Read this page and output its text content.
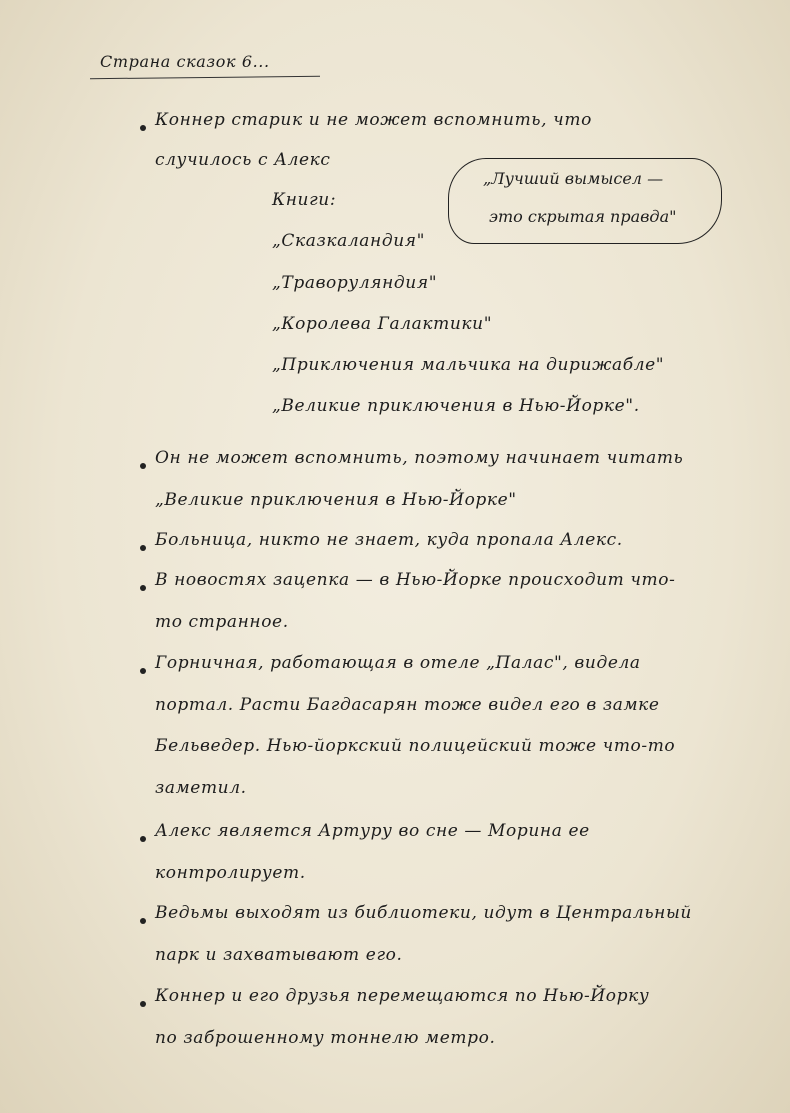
Страна сказок 6...
„Лучший вымысел —
это скрытая правда"
Коннер старик и не может вспомнить, что
случилось с Алекс
Книги:
„Сказкаландия"
„Траворуляндия"
„Королева Галактики"
„Приключения мальчика на дирижабле"
„Великие приключения в Нью-Йорке".
Он не может вспомнить, поэтому начинает читать
„Великие приключения в Нью-Йорке"
Больница, никто не знает, куда пропала Алекс.
В новостях зацепка — в Нью-Йорке происходит что-
то странное.
Горничная, работающая в отеле „Палас", видела
портал. Расти Багдасарян тоже видел его в замке
Бельведер. Нью-йоркский полицейский тоже что-то
заметил.
Алекс является Артуру во сне — Морина ее
контролирует.
Ведьмы выходят из библиотеки, идут в Центральный
парк и захватывают его.
Коннер и его друзья перемещаются по Нью-Йорку
по заброшенному тоннелю метро.
